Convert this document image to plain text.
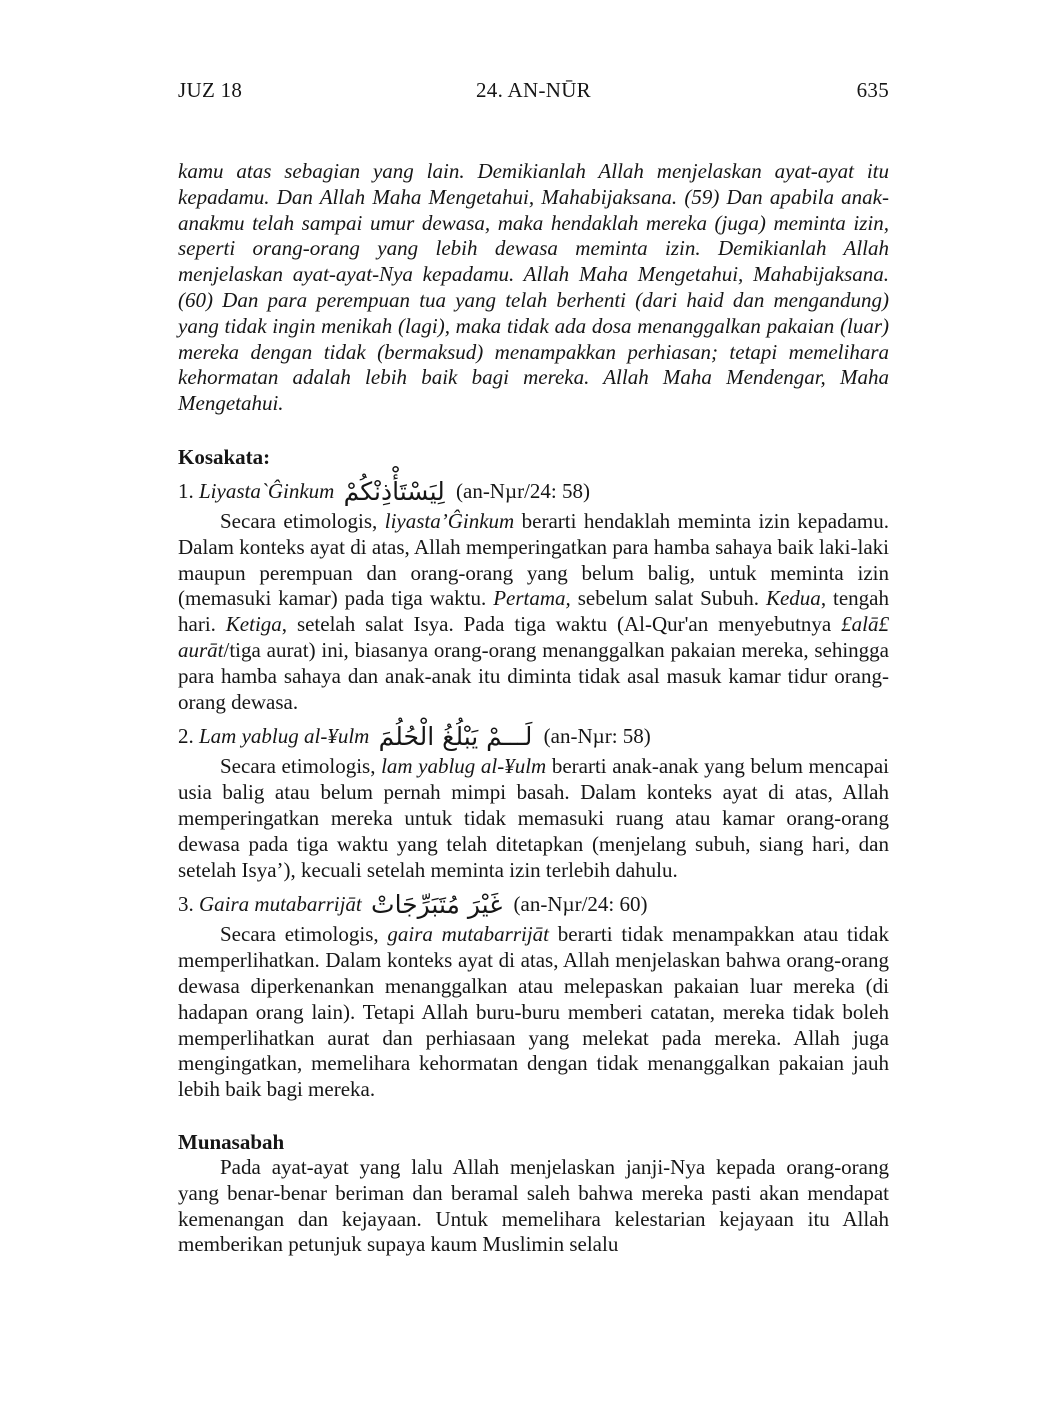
JUZ 18	24. AN-NŪR	635

kamu atas sebagian yang lain. Demikianlah Allah menjelaskan ayat-ayat itu kepadamu. Dan Allah Maha Mengetahui, Mahabijaksana. (59) Dan apabila anak-anakmu telah sampai umur dewasa, maka hendaklah mereka (juga) meminta izin, seperti orang-orang yang lebih dewasa meminta izin. Demikianlah Allah menjelaskan ayat-ayat-Nya kepadamu. Allah Maha Mengetahui, Mahabijaksana. (60) Dan para perempuan tua yang telah berhenti (dari haid dan mengandung) yang tidak ingin menikah (lagi), maka tidak ada dosa menanggalkan pakaian (luar) mereka dengan tidak (bermaksud) menampakkan perhiasan; tetapi memelihara kehormatan adalah lebih baik bagi mereka. Allah Maha Mendengar, Maha Mengetahui.

Kosakata:
1. Liyasta`Ĝinkum لِيَسْتَأْذِنْكُمْ (an-Nµr/24: 58)

Secara etimologis, liyasta’Ĝinkum berarti hendaklah meminta izin kepadamu. Dalam konteks ayat di atas, Allah memperingatkan para hamba sahaya baik laki-laki maupun perempuan dan orang-orang yang belum balig, untuk meminta izin (memasuki kamar) pada tiga waktu. Pertama, sebelum salat Subuh. Kedua, tengah hari. Ketiga, setelah salat Isya. Pada tiga waktu (Al-Qur'an menyebutnya £alā£ aurāt/tiga aurat) ini, biasanya orang-orang menanggalkan pakaian mereka, sehingga para hamba sahaya dan anak-anak itu diminta tidak asal masuk kamar tidur orang-orang dewasa.

2. Lam yablug al-¥ulm لَـــمْ يَبْلُغُ الْحُلُمَ (an-Nµr: 58)

Secara etimologis, lam yablug al-¥ulm berarti anak-anak yang belum mencapai usia balig atau belum pernah mimpi basah. Dalam konteks ayat di atas, Allah memperingatkan mereka untuk tidak memasuki ruang atau kamar orang-orang dewasa pada tiga waktu yang telah ditetapkan (menjelang subuh, siang hari, dan setelah Isya’), kecuali setelah meminta izin terlebih dahulu.

3. Gaira mutabarrijāt غَيْرَ مُتَبَرِّجَاتْ (an-Nµr/24: 60)

Secara etimologis, gaira mutabarrijāt berarti tidak menampakkan atau tidak memperlihatkan. Dalam konteks ayat di atas, Allah menjelaskan bahwa orang-orang dewasa diperkenankan menanggalkan atau melepaskan pakaian luar mereka (di hadapan orang lain). Tetapi Allah buru-buru memberi catatan, mereka tidak boleh memperlihatkan aurat dan perhiasaan yang melekat pada mereka. Allah juga mengingatkan, memelihara kehormatan dengan tidak menanggalkan pakaian jauh lebih baik bagi mereka.

Munasabah

Pada ayat-ayat yang lalu Allah menjelaskan janji-Nya kepada orang-orang yang benar-benar beriman dan beramal saleh bahwa mereka pasti akan mendapat kemenangan dan kejayaan. Untuk memelihara kelestarian kejayaan itu Allah memberikan petunjuk supaya kaum Muslimin selalu
